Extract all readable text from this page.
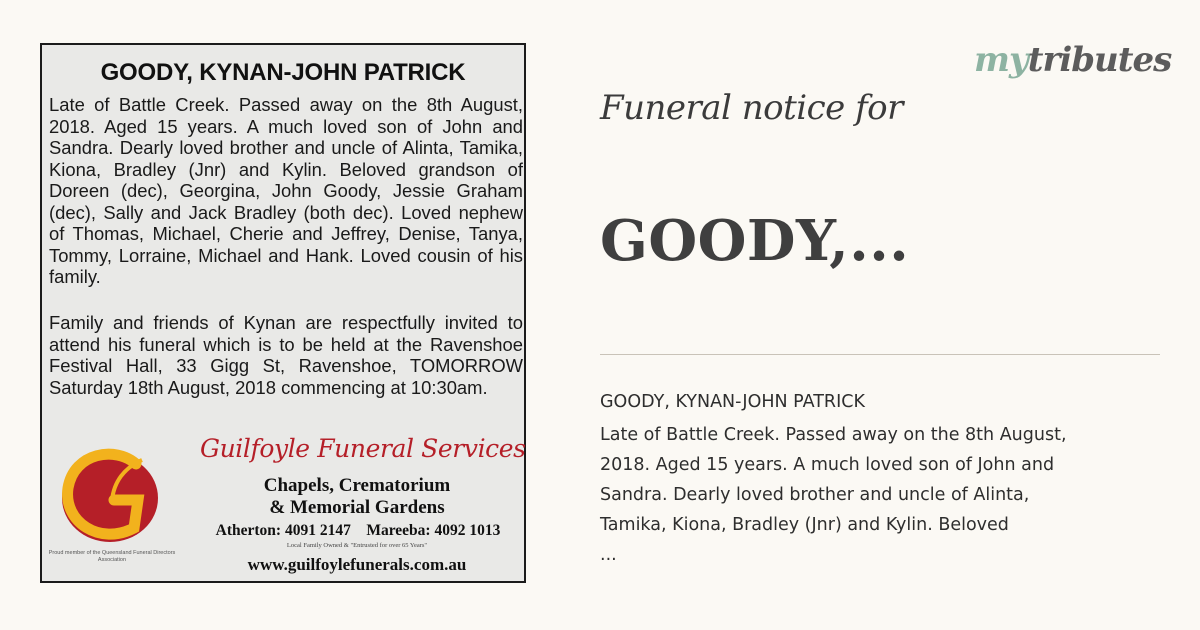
GOODY, KYNAN-JOHN PATRICK

Late of Battle Creek. Passed away on the 8th August, 2018. Aged 15 years. A much loved son of John and Sandra. Dearly loved brother and uncle of Alinta, Tamika, Kiona, Bradley (Jnr) and Kylin. Beloved grandson of Doreen (dec), Georgina, John Goody, Jessie Graham (dec), Sally and Jack Bradley (both dec). Loved nephew of Thomas, Michael, Cherie and Jeffrey, Denise, Tanya, Tommy, Lorraine, Michael and Hank. Loved cousin of his family.

Family and friends of Kynan are respectfully invited to attend his funeral which is to be held at the Ravenshoe Festival Hall, 33 Gigg St, Ravenshoe, TOMORROW Saturday 18th August, 2018 commencing at 10:30am.

Proud member of the Queensland Funeral Directors Association
Guilfoyle Funeral Services
Chapels, Crematorium
& Memorial Gardens
Atherton: 4091 2147    Mareeba: 4092 1013
Local Family Owned & "Entrusted for over 65 Years"
www.guilfoylefunerals.com.au
mytributes
Funeral notice for
GOODY,...
GOODY, KYNAN-JOHN PATRICK
Late of Battle Creek. Passed away on the 8th August,
2018. Aged 15 years. A much loved son of John and
Sandra. Dearly loved brother and uncle of Alinta,
Tamika, Kiona, Bradley (Jnr) and Kylin. Beloved
...
